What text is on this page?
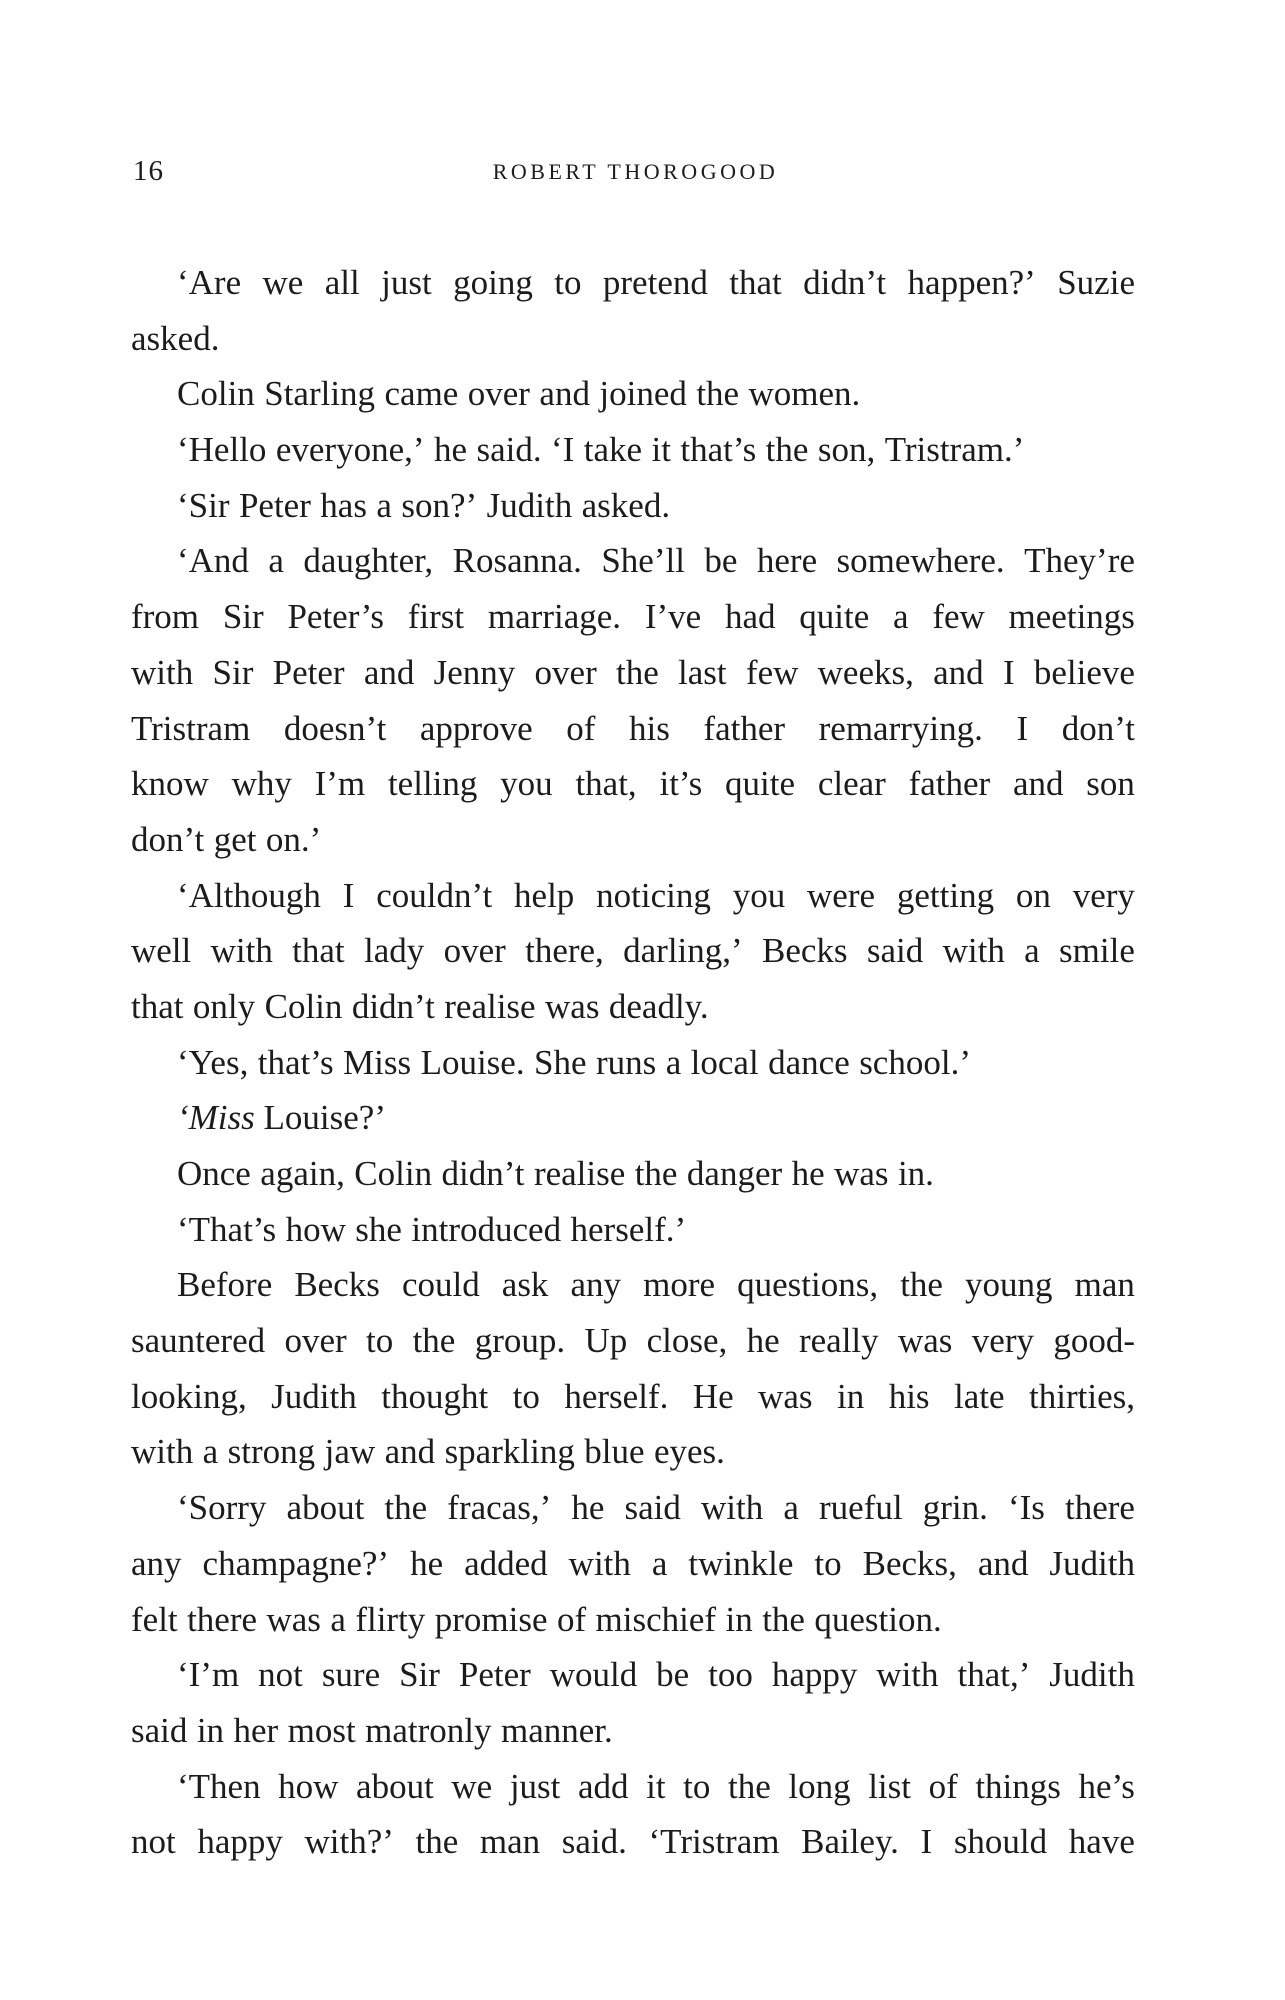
16	ROBERT THOROGOOD
‘Are we all just going to pretend that didn’t happen?’ Suzie
asked.
Colin Starling came over and joined the women.
‘Hello everyone,’ he said. ‘I take it that’s the son, Tristram.’
‘Sir Peter has a son?’ Judith asked.
‘And a daughter, Rosanna. She’ll be here somewhere. They’re
from Sir Peter’s first marriage. I’ve had quite a few meetings
with Sir Peter and Jenny over the last few weeks, and I believe
Tristram doesn’t approve of his father remarrying. I don’t
know why I’m telling you that, it’s quite clear father and son
don’t get on.’
‘Although I couldn’t help noticing you were getting on very
well with that lady over there, darling,’ Becks said with a smile
that only Colin didn’t realise was deadly.
‘Yes, that’s Miss Louise. She runs a local dance school.’
‘Miss Louise?’
Once again, Colin didn’t realise the danger he was in.
‘That’s how she introduced herself.’
Before Becks could ask any more questions, the young man
sauntered over to the group. Up close, he really was very good-
looking, Judith thought to herself. He was in his late thirties,
with a strong jaw and sparkling blue eyes.
‘Sorry about the fracas,’ he said with a rueful grin. ‘Is there
any champagne?’ he added with a twinkle to Becks, and Judith
felt there was a flirty promise of mischief in the question.
‘I’m not sure Sir Peter would be too happy with that,’ Judith
said in her most matronly manner.
‘Then how about we just add it to the long list of things he’s
not happy with?’ the man said. ‘Tristram Bailey. I should have
